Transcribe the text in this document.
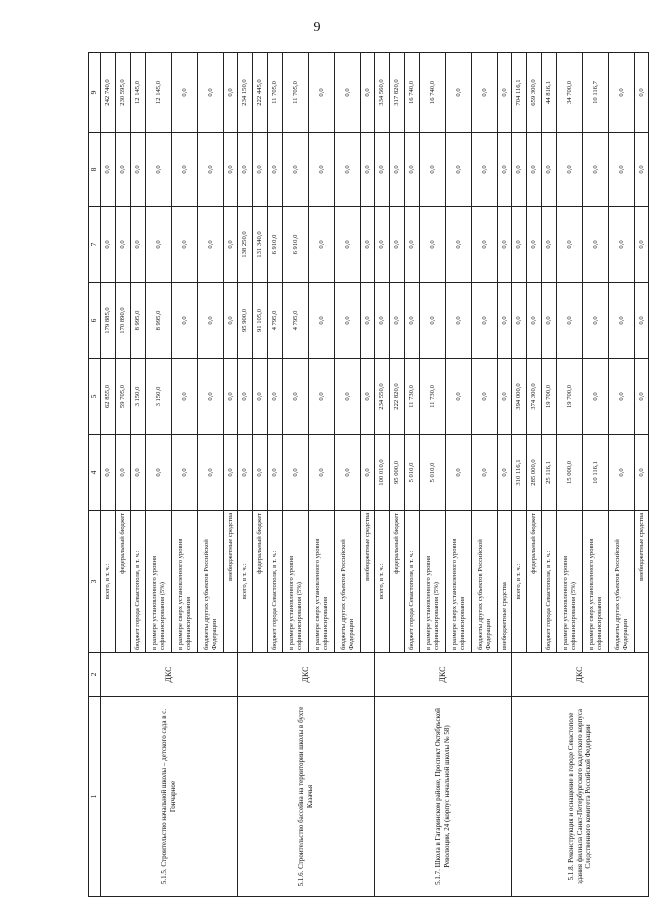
9
1	2	3	4	5	6	7	8	9
5.1.5. Строительство начальной школы – детского сада в с. Гончарное	ДКС	всего, в т. ч.:	0,0	62 855,0	179 885,0	0,0	0,0	242 740,0
		федеральный бюджет	0,0	59 705,0	170 890,0	0,0	0,0	230 595,0
		бюджет города Севастополя, в т. ч.:	0,0	3 150,0	8 995,0	0,0	0,0	12 145,0
		в размере установленного уровня софинансирования (5%)	0,0	3 150,0	8 995,0	0,0	0,0	12 145,0
		в размере сверх установленного уровня софинансирования	0,0	0,0	0,0	0,0	0,0	0,0
		бюджеты других субъектов Российской Федерации	0,0	0,0	0,0	0,0	0,0	0,0
		внебюджетные средства	0,0	0,0	0,0	0,0	0,0	0,0
5.1.6. Строительство бассейна на территории школы в бухте Казачья	ДКС	всего, в т. ч.:	0,0	0,0	95 900,0	138 250,0	0,0	234 150,0
		федеральный бюджет	0,0	0,0	91 105,0	131 340,0	0,0	222 445,0
		бюджет города Севастополя, в т. ч.:	0,0	0,0	4 795,0	6 910,0	0,0	11 705,0
		в размере установленного уровня софинансирования (5%)	0,0	0,0	4 795,0	6 910,0	0,0	11 705,0
		в размере сверх установленного уровня софинансирования	0,0	0,0	0,0	0,0	0,0	0,0
		бюджеты других субъектов Российской Федерации	0,0	0,0	0,0	0,0	0,0	0,0
		внебюджетные средства	0,0	0,0	0,0	0,0	0,0	0,0
5.1.7. Школа в Гагаринском районе, Проспект Октябрьской Революции, 24 (корпус начальной школы № 58)	ДКС	всего, в т. ч.:	100 010,0	234 550,0	0,0	0,0	0,0	334 560,0
		федеральный бюджет	95 000,0	222 820,0	0,0	0,0	0,0	317 820,0
		бюджет города Севастополя, в т. ч.:	5 010,0	11 730,0	0,0	0,0	0,0	16 740,0
		в размере установленного уровня софинансирования (5%)	5 010,0	11 730,0	0,0	0,0	0,0	16 740,0
		в размере сверх установленного уровня софинансирования	0,0	0,0	0,0	0,0	0,0	0,0
		бюджеты других субъектов Российской Федерации	0,0	0,0	0,0	0,0	0,0	0,0
		внебюджетные средства	0,0	0,0	0,0	0,0	0,0	0,0
5.1.8. Реконструкция и оснащение в городе Севастополе здания филиала Санкт-Петербургского кадетского корпуса Следственного комитета Российской Федерации	ДКС	всего, в т. ч.:	310 116,1	394 000,0	0,0	0,0	0,0	704 116,1
		федеральный бюджет	285 000,0	374 300,0	0,0	0,0	0,0	659 300,0
		бюджет города Севастополя, в т. ч.:	25 116,1	19 700,0	0,0	0,0	0,0	44 816,1
		в размере установленного уровня софинансирования (5%)	15 000,0	19 700,0	0,0	0,0	0,0	34 700,0
		в размере сверх установленного уровня софинансирования	10 116,1	0,0	0,0	0,0	0,0	10 116,7
		бюджеты других субъектов Российской Федерации	0,0	0,0	0,0	0,0	0,0	0,0
		внебюджетные средства	0,0	0,0	0,0	0,0	0,0	0,0
